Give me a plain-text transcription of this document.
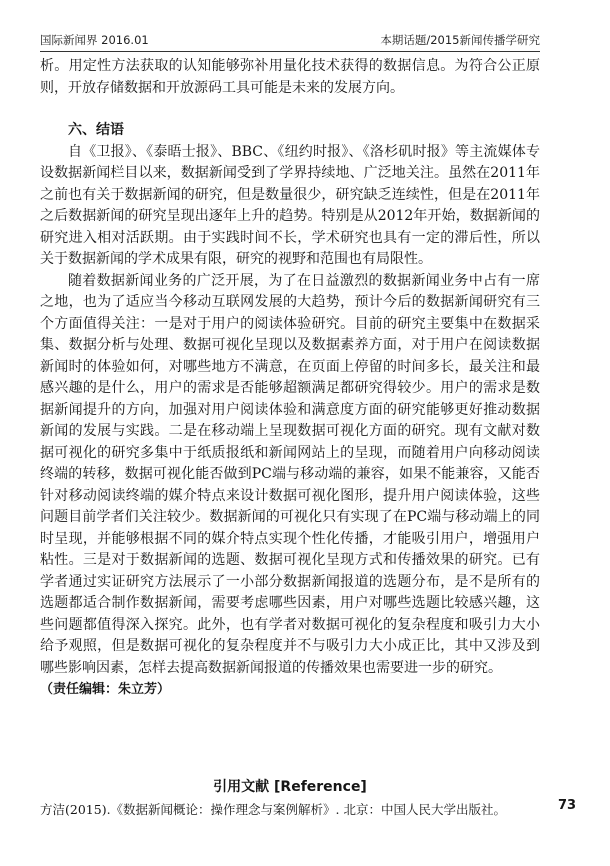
国际新闻界 2016.01	本期话题/2015新闻传播学研究

析。用定性方法获取的认知能够弥补用量化技术获得的数据信息。为符合公正原则，开放存储数据和开放源码工具可能是未来的发展方向。

六、结语

自《卫报》、《泰晤士报》、BBC、《纽约时报》、《洛杉矶时报》等主流媒体专设数据新闻栏目以来，数据新闻受到了学界持续地、广泛地关注。虽然在2011年之前也有关于数据新闻的研究，但是数量很少，研究缺乏连续性，但是在2011年之后数据新闻的研究呈现出逐年上升的趋势。特别是从2012年开始，数据新闻的研究进入相对活跃期。由于实践时间不长，学术研究也具有一定的滞后性，所以关于数据新闻的学术成果有限，研究的视野和范围也有局限性。

随着数据新闻业务的广泛开展，为了在日益激烈的数据新闻业务中占有一席之地，也为了适应当今移动互联网发展的大趋势，预计今后的数据新闻研究有三个方面值得关注：一是对于用户的阅读体验研究。目前的研究主要集中在数据采集、数据分析与处理、数据可视化呈现以及数据素养方面，对于用户在阅读数据新闻时的体验如何，对哪些地方不满意，在页面上停留的时间多长，最关注和最感兴趣的是什么，用户的需求是否能够超额满足都研究得较少。用户的需求是数据新闻提升的方向，加强对用户阅读体验和满意度方面的研究能够更好推动数据新闻的发展与实践。二是在移动端上呈现数据可视化方面的研究。现有文献对数据可视化的研究多集中于纸质报纸和新闻网站上的呈现，而随着用户向移动阅读终端的转移，数据可视化能否做到PC端与移动端的兼容，如果不能兼容，又能否针对移动阅读终端的媒介特点来设计数据可视化图形，提升用户阅读体验，这些问题目前学者们关注较少。数据新闻的可视化只有实现了在PC端与移动端上的同时呈现，并能够根据不同的媒介特点实现个性化传播，才能吸引用户，增强用户粘性。三是对于数据新闻的选题、数据可视化呈现方式和传播效果的研究。已有学者通过实证研究方法展示了一小部分数据新闻报道的选题分布，是不是所有的选题都适合制作数据新闻，需要考虑哪些因素，用户对哪些选题比较感兴趣，这些问题都值得深入探究。此外，也有学者对数据可视化的复杂程度和吸引力大小给予观照，但是数据可视化的复杂程度并不与吸引力大小成正比，其中又涉及到哪些影响因素，怎样去提高数据新闻报道的传播效果也需要进一步的研究。

（责任编辑：朱立芳）

引用文献 [Reference]
方洁(2015).《数据新闻概论：操作理念与案例解析》. 北京：中国人民大学出版社。	73
